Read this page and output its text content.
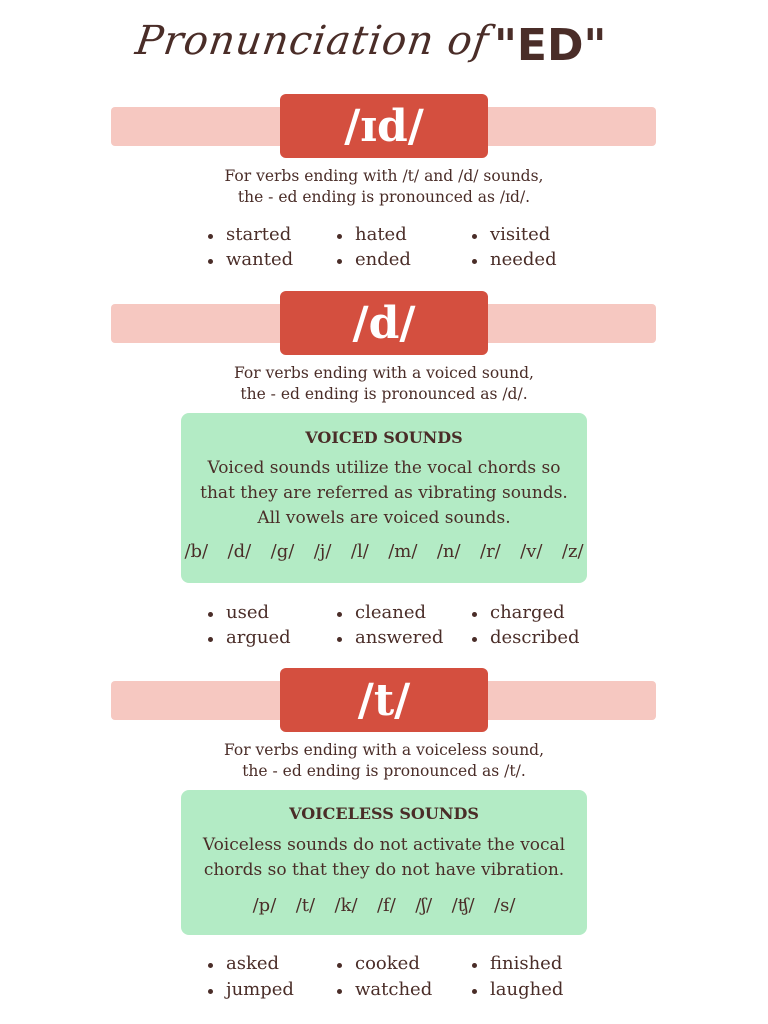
Pronunciation of "ED"
/ɪd/
For verbs ending with /t/ and /d/ sounds,
the - ed ending is pronounced as /ɪd/.
started
wanted
hated
ended
visited
needed
/d/
For verbs ending with a voiced sound,
the - ed ending is pronounced as /d/.
VOICED SOUNDS
Voiced sounds utilize the vocal chords so
that they are referred as vibrating sounds.
All vowels are voiced sounds.
/b/  /d/  /g/  /j/  /l/  /m/  /n/  /r/  /v/  /z/
used
argued
cleaned
answered
charged
described
/t/
For verbs ending with a voiceless sound,
the - ed ending is pronounced as /t/.
VOICELESS SOUNDS
Voiceless sounds do not activate the vocal
chords so that they do not have vibration.
/p/  /t/  /k/  /f/  /ʃ/  /ʧ/  /s/
asked
jumped
cooked
watched
finished
laughed
